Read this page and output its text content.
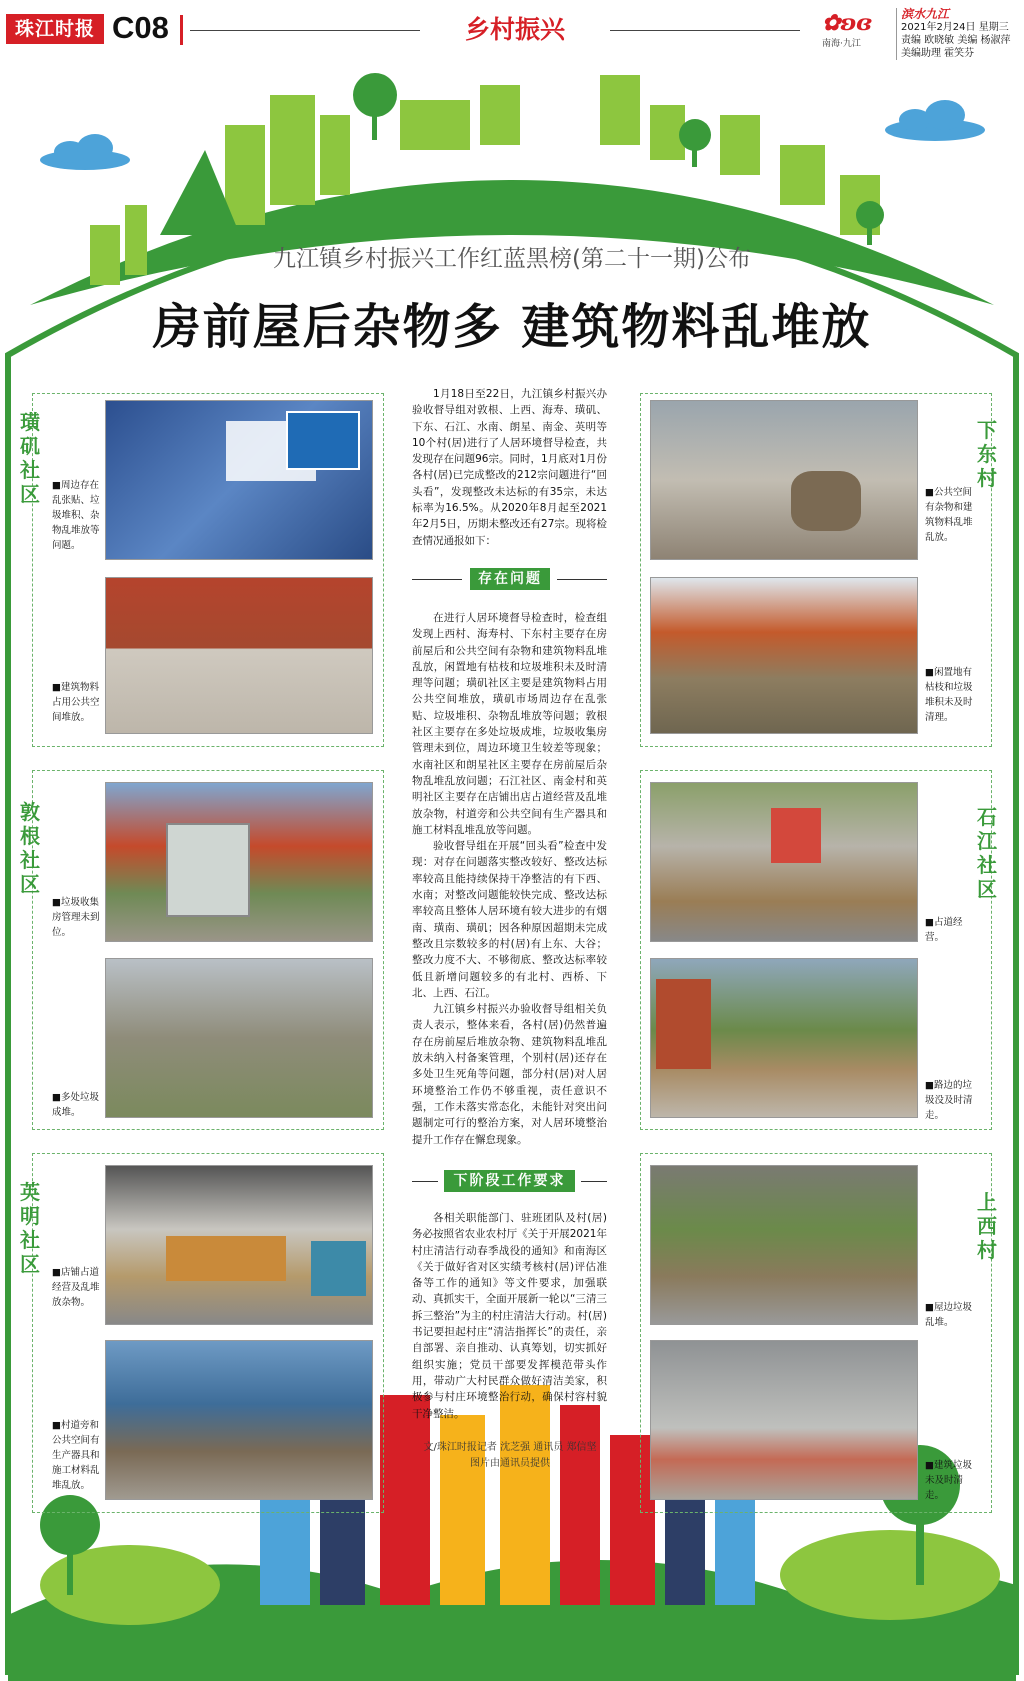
珠江时报 C08	乡村振兴	✿ʚɞ
南海·九江
滨水九江
2021年2月24日 星期三
责编 欧晓敏 美编 杨淑萍
美编助理 霍笑芬
九江镇乡村振兴工作红蓝黑榜(第二十一期)公布
房前屋后杂物多 建筑物料乱堆放
璜矶社区 ■周边存在乱张贴、垃圾堆积、杂物乱堆放等问题。
■建筑物料占用公共空间堆放。
敦根社区
■垃圾收集房管理未到位。
■多处垃圾成堆。
英明社区 ■店铺占道经营及乱堆放杂物。
■村道旁和公共空间有生产器具和施工材料乱堆乱放。
下东村
■公共空间有杂物和建筑物料乱堆乱放。
■闲置地有枯枝和垃圾堆积未及时清理。
石江社区
■占道经营。
■路边的垃圾没及时清走。
上西村
■屋边垃圾乱堆。
■建筑垃圾未及时清走。
1月18日至22日，九江镇乡村振兴办验收督导组对敦根、上西、海寿、璜矶、下东、石江、水南、朗星、南金、英明等10个村(居)进行了人居环境督导检查，共发现存在问题96宗。同时，1月底对1月份各村(居)已完成整改的212宗问题进行“回头看”，发现整改未达标的有35宗，未达标率为16.5%。从2020年8月起至2021年2月5日，历期未整改还有27宗。现将检查情况通报如下：
存在问题

在进行人居环境督导检查时，检查组发现上西村、海寿村、下东村主要存在房前屋后和公共空间有杂物和建筑物料乱堆乱放，闲置地有枯枝和垃圾堆积未及时清理等问题；璜矶社区主要是建筑物料占用公共空间堆放，璜矶市场周边存在乱张贴、垃圾堆积、杂物乱堆放等问题；敦根社区主要存在多处垃圾成堆，垃圾收集房管理未到位，周边环境卫生较差等现象；水南社区和朗星社区主要存在房前屋后杂物乱堆乱放问题；石江社区、南金村和英明社区主要存在店铺出店占道经营及乱堆放杂物，村道旁和公共空间有生产器具和施工材料乱堆乱放等问题。

验收督导组在开展“回头看”检查中发现：对存在问题落实整改较好、整改达标率较高且能持续保持干净整洁的有下西、水南；对整改问题能较快完成、整改达标率较高且整体人居环境有较大进步的有烟南、璜南、璜矶；因各种原因超期未完成整改且宗数较多的村(居)有上东、大谷；整改力度不大、不够彻底、整改达标率较低且新增问题较多的有北村、西桥、下北、上西、石江。

九江镇乡村振兴办验收督导组相关负责人表示，整体来看，各村(居)仍然普遍存在房前屋后堆放杂物、建筑物料乱堆乱放未纳入村备案管理，个别村(居)还存在多处卫生死角等问题，部分村(居)对人居环境整治工作仍不够重视，责任意识不强，工作未落实常态化，未能针对突出问题制定可行的整治方案，对人居环境整治提升工作存在懈怠现象。

下阶段工作要求

各相关职能部门、驻班团队及村(居)务必按照省农业农村厅《关于开展2021年村庄清洁行动春季战役的通知》和南海区《关于做好省对区实绩考核村(居)评估准备等工作的通知》等文件要求，加强联动、真抓实干，全面开展新一轮以“三清三拆三整治”为主的村庄清洁大行动。村(居)书记要担起村庄“清洁指挥长”的责任，亲自部署、亲自推动、认真筹划，切实抓好组织实施；党员干部要发挥模范带头作用，带动广大村民群众做好清洁美家，积极参与村庄环境整治行动，确保村容村貌干净整洁。

文/珠江时报记者 沈芝强 通讯员 郑信坚
图片由通讯员提供
